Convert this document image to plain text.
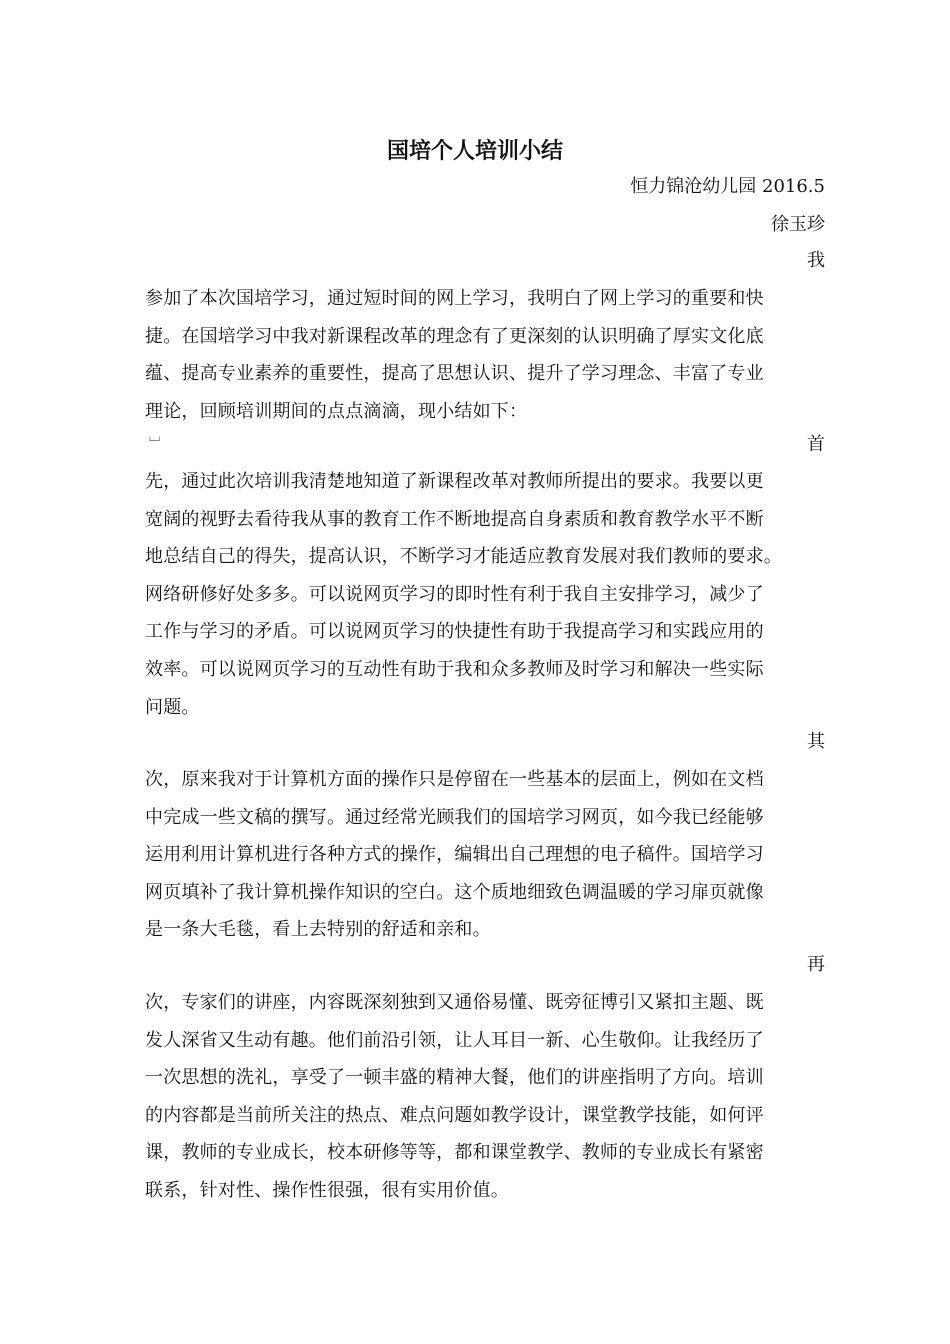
国培个人培训小结
恒力锦沧幼儿园 2016.5
徐玉珍
我
参加了本次国培学习，通过短时间的网上学习，我明白了网上学习的重要和快
捷。在国培学习中我对新课程改革的理念有了更深刻的认识明确了厚实文化底
蕴、提高专业素养的重要性，提高了思想认识、提升了学习理念、丰富了专业
理论，回顾培训期间的点点滴滴，现小结如下：
⌴	首
先，通过此次培训我清楚地知道了新课程改革对教师所提出的要求。我要以更
宽阔的视野去看待我从事的教育工作不断地提高自身素质和教育教学水平不断
地总结自己的得失，提高认识，不断学习才能适应教育发展对我们教师的要求。
网络研修好处多多。可以说网页学习的即时性有利于我自主安排学习，减少了
工作与学习的矛盾。可以说网页学习的快捷性有助于我提高学习和实践应用的
效率。可以说网页学习的互动性有助于我和众多教师及时学习和解决一些实际
问题。
其
次，原来我对于计算机方面的操作只是停留在一些基本的层面上，例如在文档
中完成一些文稿的撰写。通过经常光顾我们的国培学习网页，如今我已经能够
运用利用计算机进行各种方式的操作，编辑出自己理想的电子稿件。国培学习
网页填补了我计算机操作知识的空白。这个质地细致色调温暖的学习扉页就像
是一条大毛毯，看上去特别的舒适和亲和。
再
次，专家们的讲座，内容既深刻独到又通俗易懂、既旁征博引又紧扣主题、既
发人深省又生动有趣。他们前沿引领，让人耳目一新、心生敬仰。让我经历了
一次思想的洗礼，享受了一顿丰盛的精神大餐，他们的讲座指明了方向。培训
的内容都是当前所关注的热点、难点问题如教学设计，课堂教学技能，如何评
课，教师的专业成长，校本研修等等，都和课堂教学、教师的专业成长有紧密
联系，针对性、操作性很强，很有实用价值。
